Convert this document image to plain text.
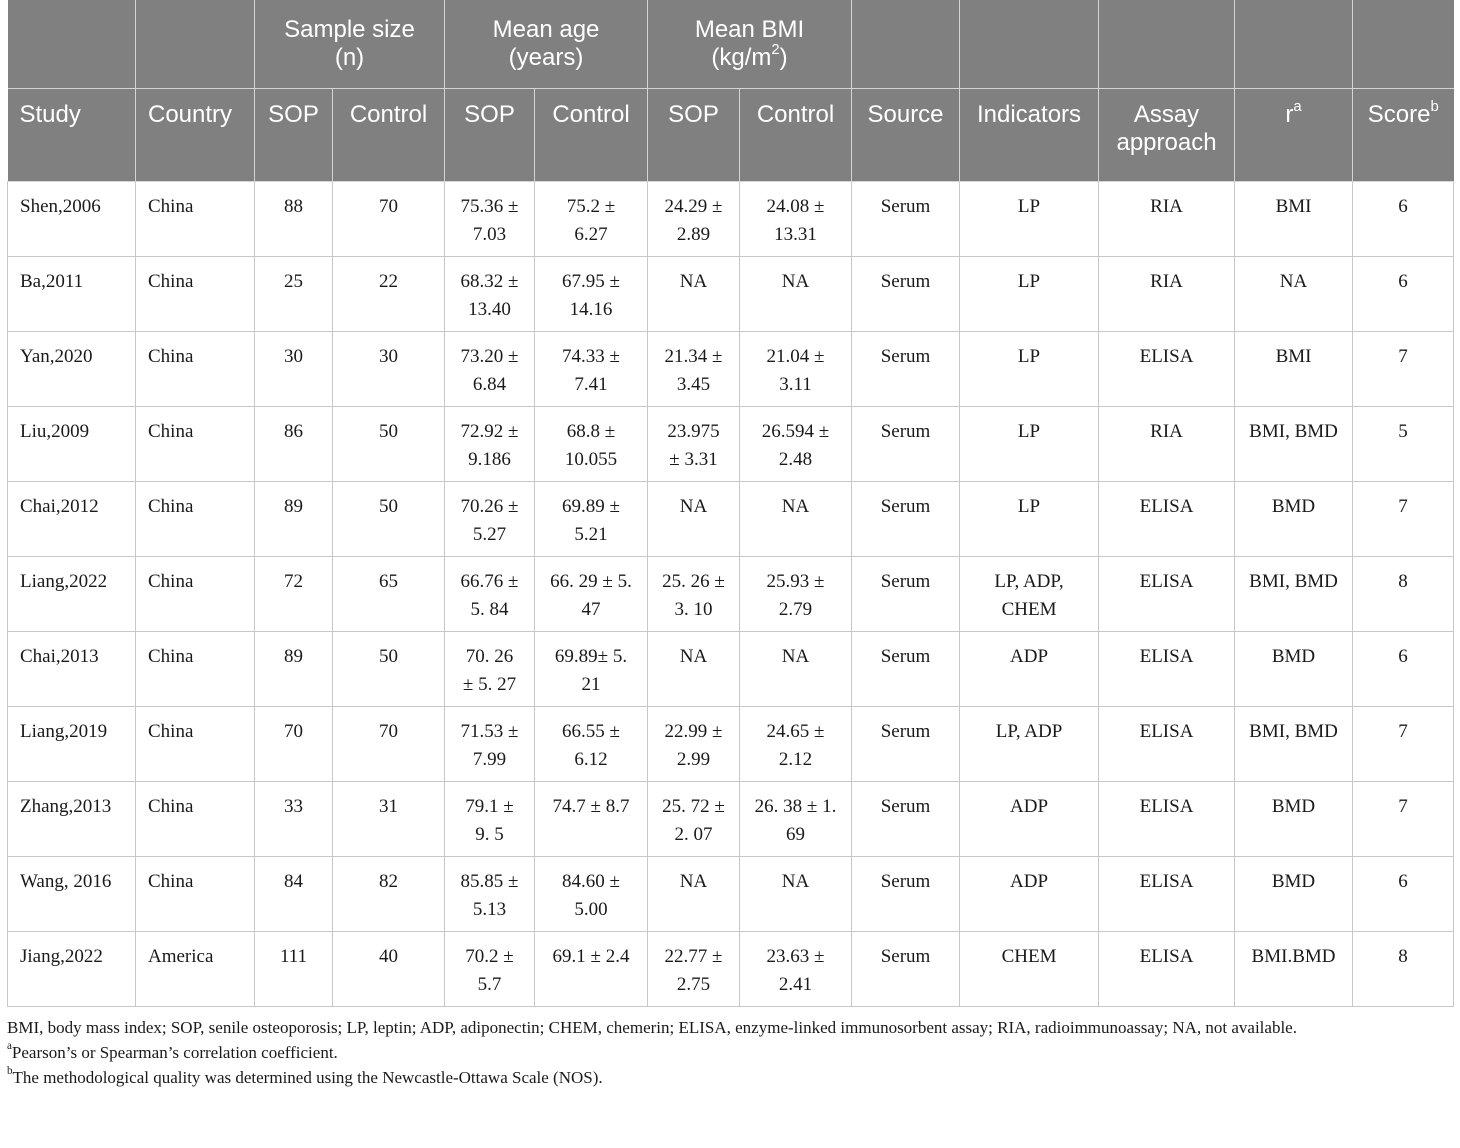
		Sample size (n)		Mean age (years)		Mean BMI
$(kg/m^2)$						
Study	Country	SOP	Control	SOP	Control	SOP	Control	Source	Indicators	Assay approach	$r^a$	Score$^b$
Shen,2006	China	88	70	75.36 ± 7.03	75.2 ± 6.27	24.29 ± 2.89	24.08 ± 13.31	Serum	LP	RIA	BMI	6
Ba,2011	China	25	22	68.32 ± 13.40	67.95 ± 14.16	NA	NA	Serum	LP	RIA	NA	6
Yan,2020	China	30	30	73.20 ± 6.84	74.33 ± 7.41	21.34 ± 3.45	21.04 ± 3.11	Serum	LP	ELISA	BMI	7
Liu,2009	China	86	50	72.92 ± 9.186	68.8 ± 10.055	23.975 ± 3.31	26.594 ± 2.48	Serum	LP	RIA	BMI, BMD	5
Chai,2012	China	89	50	70.26 ± 5.27	69.89 ± 5.21	NA	NA	Serum	LP	ELISA	BMD	7
Liang,2022	China	72	65	66.76 ± 5. 84	66. 29 ± 5. 47	25. 26 ± 3. 10	25.93 ± 2.79	Serum	LP, ADP, CHEM	ELISA	BMI, BMD	8
Chai,2013	China	89	50	70. 26 ± 5. 27	69.89± 5. 21	NA	NA	Serum	ADP	ELISA	BMD	6
Liang,2019	China	70	70	71.53 ± 7.99	66.55 ± 6.12	22.99 ± 2.99	24.65 ± 2.12	Serum	LP, ADP	ELISA	BMI, BMD	7
Zhang,2013	China	33	31	79.1 ± 9. 5	74.7 ± 8.7	25. 72 ± 2. 07	26. 38 ± 1. 69	Serum	ADP	ELISA	BMD	7
Wang, 2016	China	84	82	85.85 ± 5.13	84.60 ± 5.00	NA	NA	Serum	ADP	ELISA	BMD	6
Jiang,2022	America	111	40	70.2 ± 5.7	69.1 ± 2.4	22.77 ± 2.75	23.63 ± 2.41	Serum	CHEM	ELISA	BMI.BMD	8
BMI, body mass index; SOP, senile osteoporosis; LP, leptin; ADP, adiponectin; CHEM, chemerin; ELISA, enzyme-linked immunosorbent assay; RIA, radioimmunoassay; NA, not available.
$^a$Pearson’s or Spearman’s correlation coefficient.
$^b$The methodological quality was determined using the Newcastle-Ottawa Scale (NOS).
